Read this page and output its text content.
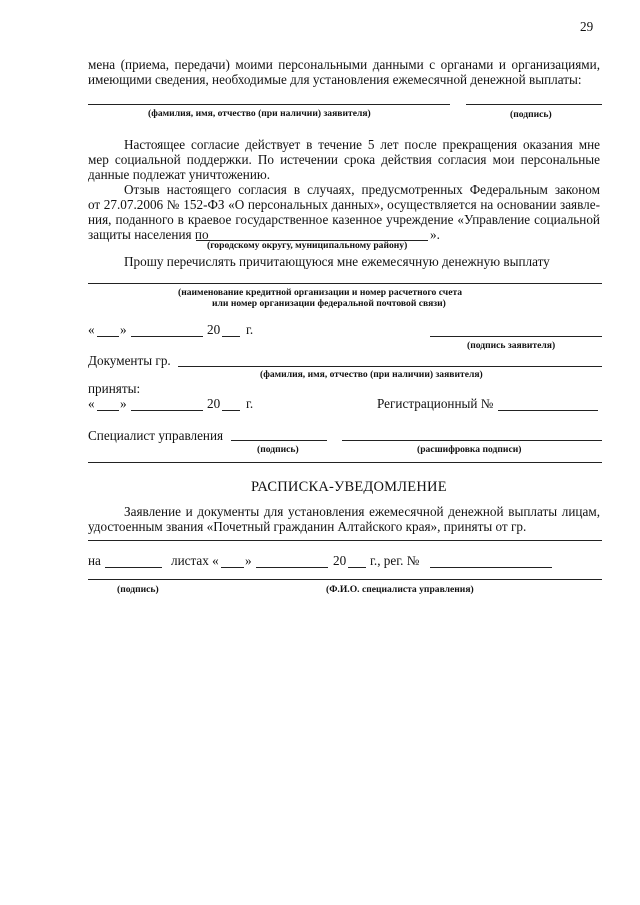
29
мена (приема, передачи) моими персональными данными с органами и организациями,
имеющими сведения, необходимые для установления ежемесячной денежной выплаты:
(фамилия, имя, отчество (при наличии) заявителя)	(подпись)
Настоящее согласие действует в течение 5 лет после прекращения оказания мне
мер социальной поддержки. По истечении срока действия согласия мои персональные
данные подлежат уничтожению.
Отзыв настоящего согласия в случаях, предусмотренных Федеральным законом
от 27.07.2006 № 152-ФЗ «О персональных данных», осуществляется на основании заявле-
ния, поданного в краевое государственное казенное учреждение «Управление социальной
защиты населения по	».
(городскому округу, муниципальному району)
Прошу перечислять причитающуюся мне ежемесячную денежную выплату
(наименование кредитной организации и номер расчетного счета
или номер организации федеральной почтовой связи)
« »	20 г.
(подпись заявителя)
Документы гр.
(фамилия, имя, отчество (при наличии) заявителя)
приняты:
« »	20 г.	Регистрационный №
Специалист управления
(подпись)	(расшифровка подписи)
РАСПИСКА-УВЕДОМЛЕНИЕ
Заявление и документы для установления ежемесячной денежной выплаты лицам,
удостоенным звания «Почетный гражданин Алтайского края», приняты от гр.
на	листах « »	20 г., рег. №
(подпись)	(Ф.И.О. специалиста управления)
